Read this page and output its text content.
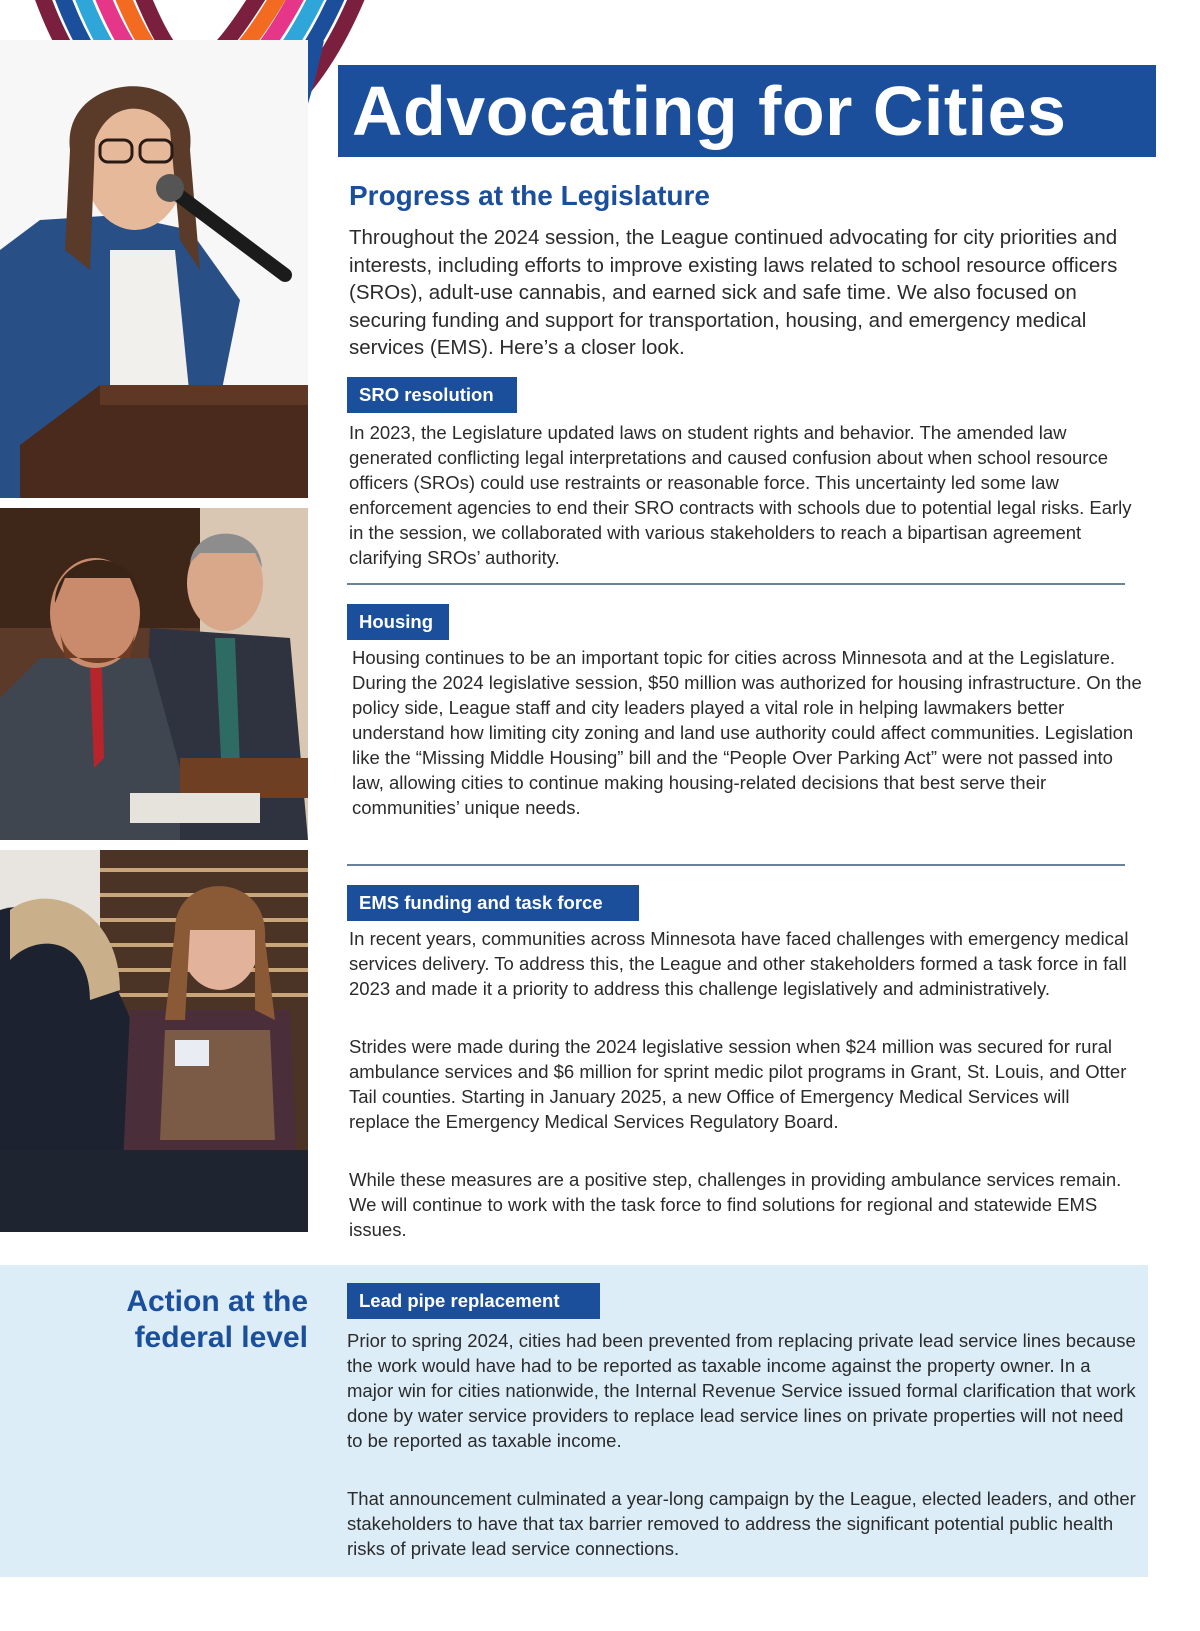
Advocating for Cities
Progress at the Legislature

Throughout the 2024 session, the League continued advocating for city priorities and interests, including efforts to improve existing laws related to school resource officers (SROs), adult-use cannabis, and earned sick and safe time. We also focused on securing funding and support for transportation, housing, and emergency medical services (EMS). Here’s a closer look.

SRO resolution

In 2023, the Legislature updated laws on student rights and behavior. The amended law generated conflicting legal interpretations and caused confusion about when school resource officers (SROs) could use restraints or reasonable force. This uncertainty led some law enforcement agencies to end their SRO contracts with schools due to potential legal risks. Early in the session, we collaborated with various stakeholders to reach a bipartisan agreement clarifying SROs’ authority.

Housing

Housing continues to be an important topic for cities across Minnesota and at the Legislature. During the 2024 legislative session, $50 million was authorized for housing infrastructure. On the policy side, League staff and city leaders played a vital role in helping lawmakers better understand how limiting city zoning and land use authority could affect communities. Legislation like the “Missing Middle Housing” bill and the “People Over Parking Act” were not passed into law, allowing cities to continue making housing-related decisions that best serve their communities’ unique needs.

EMS funding and task force

In recent years, communities across Minnesota have faced challenges with emergency medical services delivery. To address this, the League and other stakeholders formed a task force in fall 2023 and made it a priority to address this challenge legislatively and administratively.

Strides were made during the 2024 legislative session when $24 million was secured for rural ambulance services and $6 million for sprint medic pilot programs in Grant, St. Louis, and Otter Tail counties. Starting in January 2025, a new Office of Emergency Medical Services will replace the Emergency Medical Services Regulatory Board.

While these measures are a positive step, challenges in providing ambulance services remain. We will continue to work with the task force to find solutions for regional and statewide EMS issues.

Action at the
federal level
Lead pipe replacement

Prior to spring 2024, cities had been prevented from replacing private lead service lines because the work would have had to be reported as taxable income against the property owner. In a major win for cities nationwide, the Internal Revenue Service issued formal clarification that work done by water service providers to replace lead service lines on private properties will not need to be reported as taxable income.

That announcement culminated a year-long campaign by the League, elected leaders, and other stakeholders to have that tax barrier removed to address the significant potential public health risks of private lead service connections.
